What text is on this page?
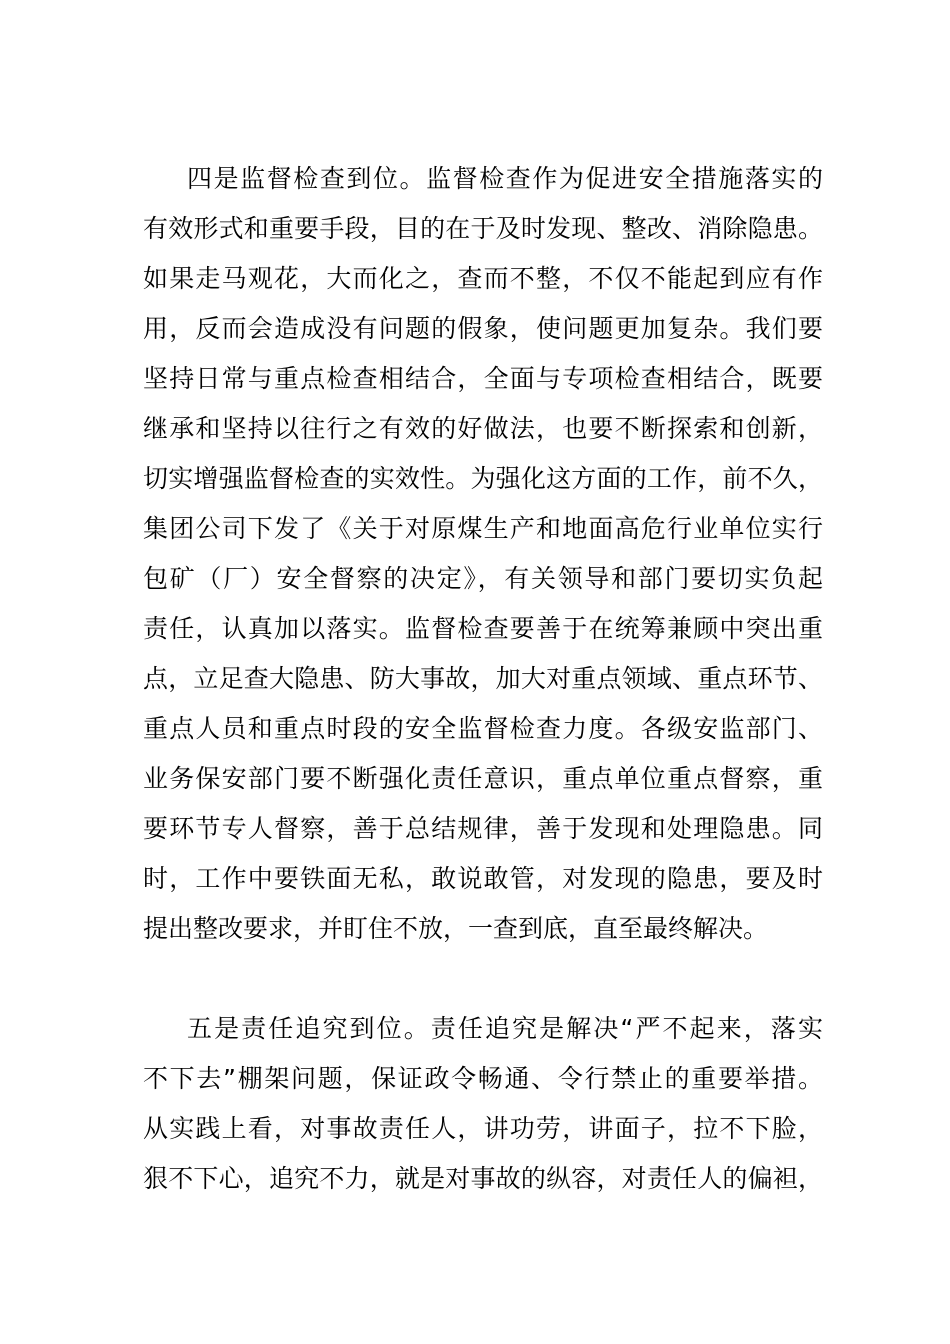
四是监督检查到位。监督检查作为促进安全措施落实的
有效形式和重要手段，目的在于及时发现、整改、消除隐患。
如果走马观花，大而化之，查而不整，不仅不能起到应有作
用，反而会造成没有问题的假象，使问题更加复杂。我们要
坚持日常与重点检查相结合，全面与专项检查相结合，既要
继承和坚持以往行之有效的好做法，也要不断探索和创新，
切实增强监督检查的实效性。为强化这方面的工作，前不久，
集团公司下发了《关于对原煤生产和地面高危行业单位实行
包矿（厂）安全督察的决定》，有关领导和部门要切实负起
责任，认真加以落实。监督检查要善于在统筹兼顾中突出重
点，立足查大隐患、防大事故，加大对重点领域、重点环节、
重点人员和重点时段的安全监督检查力度。各级安监部门、
业务保安部门要不断强化责任意识，重点单位重点督察，重
要环节专人督察，善于总结规律，善于发现和处理隐患。同
时，工作中要铁面无私，敢说敢管，对发现的隐患，要及时
提出整改要求，并盯住不放，一查到底，直至最终解决。
五是责任追究到位。责任追究是解决“严不起来，落实
不下去”棚架问题，保证政令畅通、令行禁止的重要举措。
从实践上看，对事故责任人，讲功劳，讲面子，拉不下脸，
狠不下心，追究不力，就是对事故的纵容，对责任人的偏袒，
